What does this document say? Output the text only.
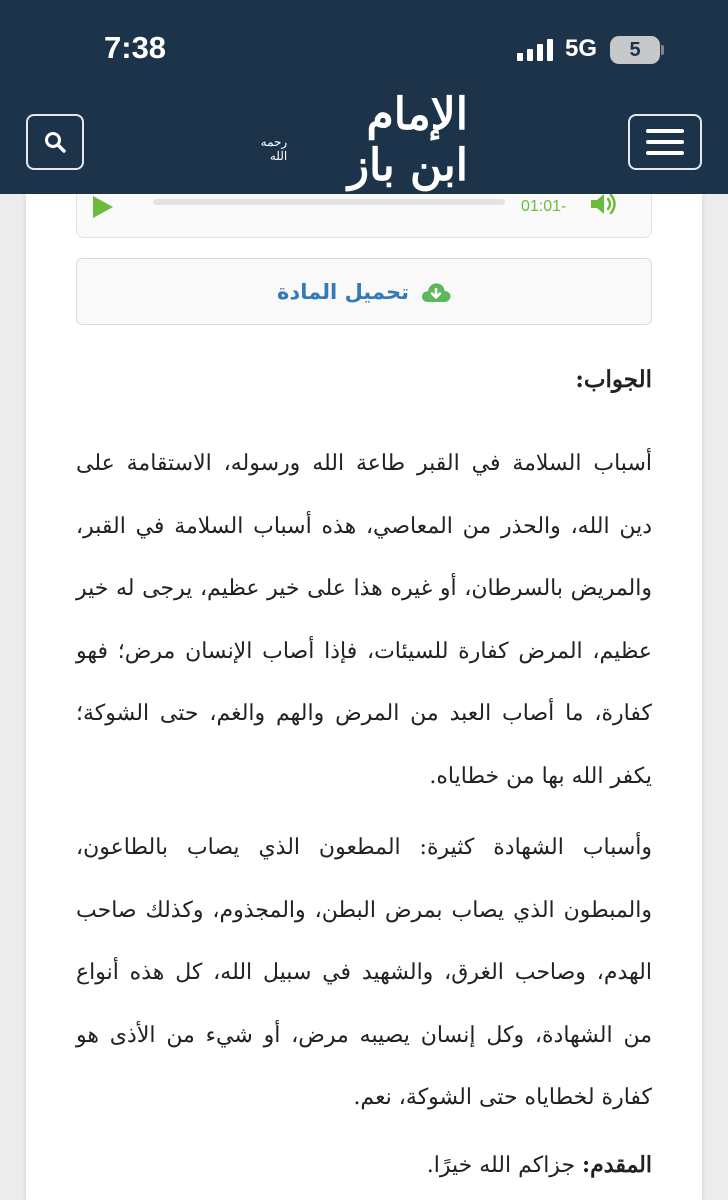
7:38	5G 5
الإمام ابن باز
رحمه الله
01:01-
تحميل المادة
الجواب:

أسباب السلامة في القبر طاعة الله ورسوله، الاستقامة على دين الله، والحذر من المعاصي، هذه أسباب السلامة في القبر، والمريض بالسرطان، أو غيره هذا على خير عظيم، يرجى له خير عظيم، المرض كفارة للسيئات، فإذا أصاب الإنسان مرض؛ فهو كفارة، ما أصاب العبد من المرض والهم والغم، حتى الشوكة؛ يكفر الله بها من خطاياه.

وأسباب الشهادة كثيرة: المطعون الذي يصاب بالطاعون، والمبطون الذي يصاب بمرض البطن، والمجذوم، وكذلك صاحب الهدم، وصاحب الغرق، والشهيد في سبيل الله، كل هذه أنواع من الشهادة، وكل إنسان يصيبه مرض، أو شيء من الأذى هو كفارة لخطاياه حتى الشوكة، نعم.

المقدم: جزاكم الله خيرًا.
